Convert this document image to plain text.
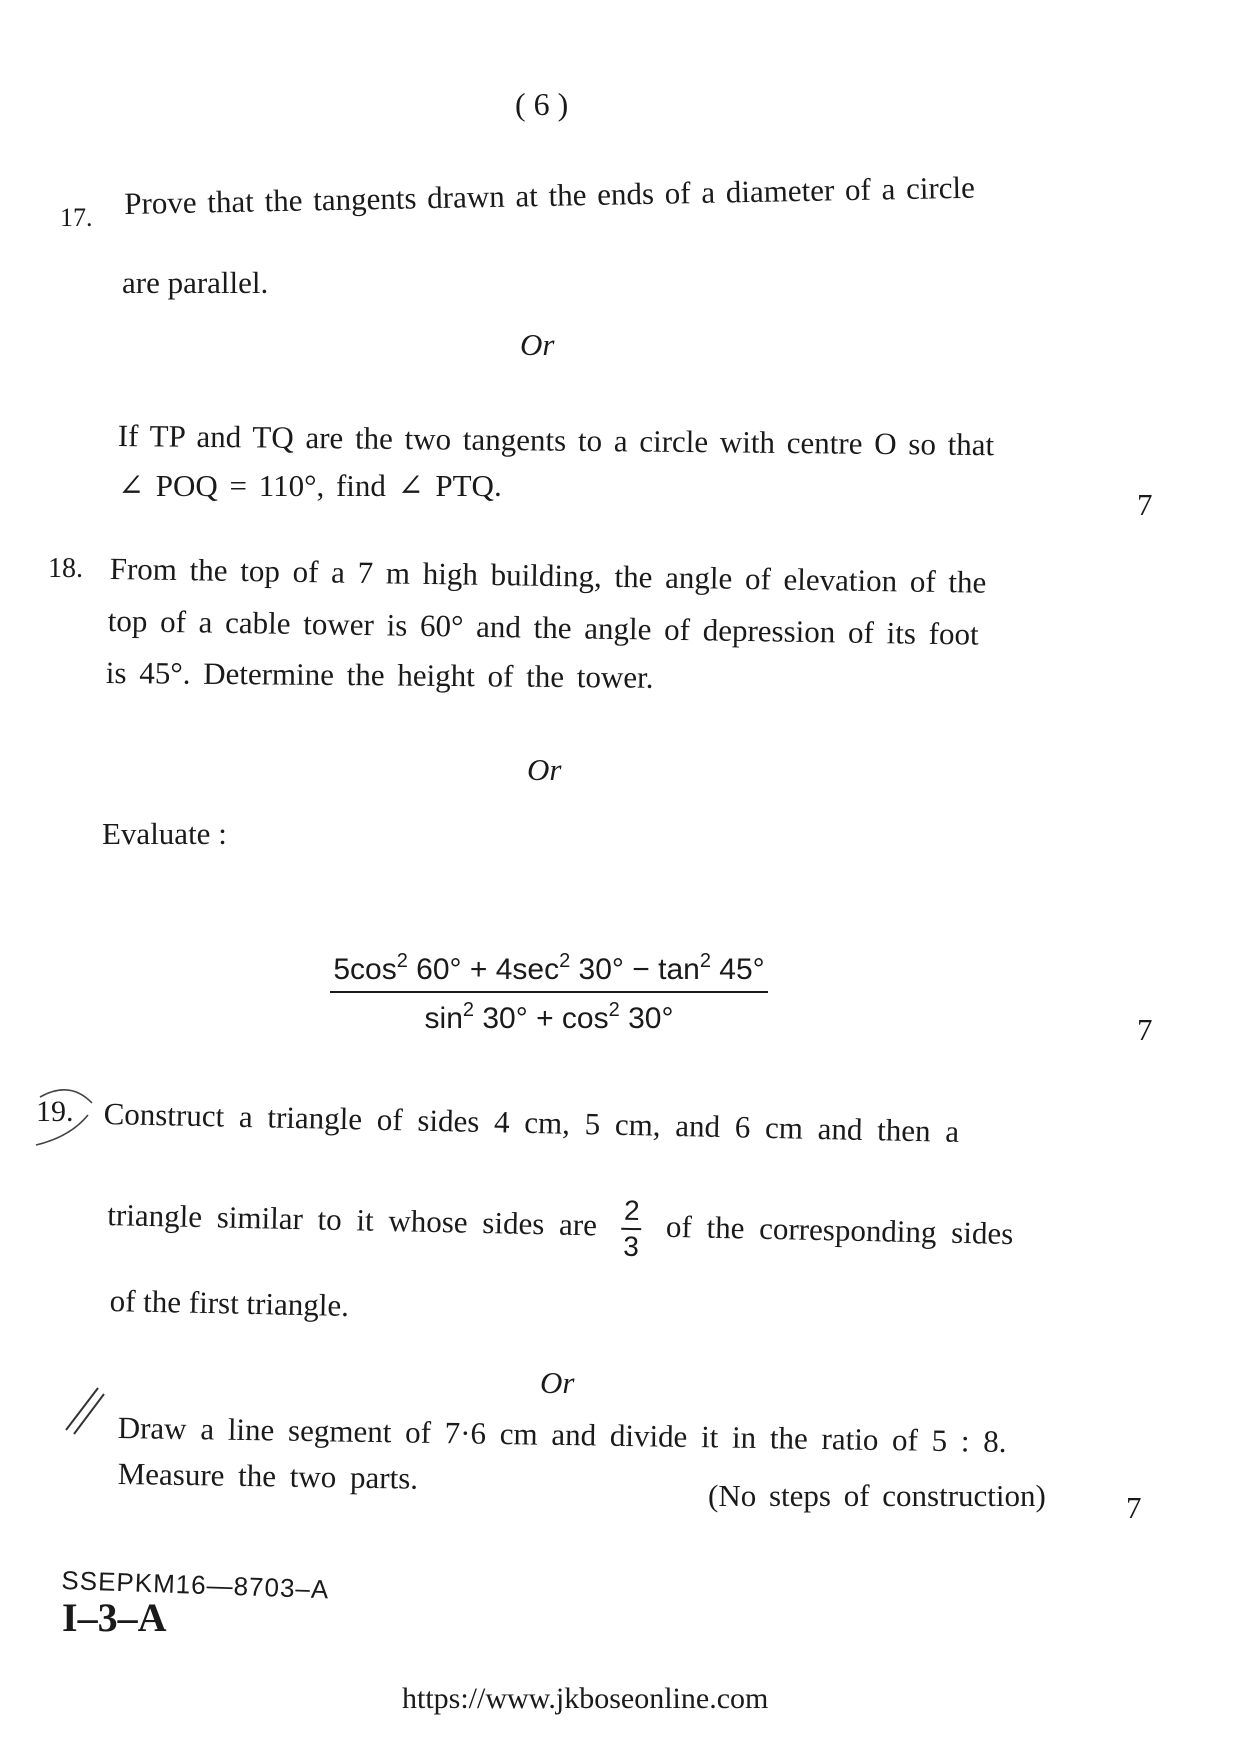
( 6 )
17. Prove that the tangents drawn at the ends of a diameter of a circle
are parallel.
Or
If TP and TQ are the two tangents to a circle with centre O so that
∠ POQ = 110°, find ∠ PTQ.
7
18. From the top of a 7 m high building, the angle of elevation of the
top of a cable tower is 60° and the angle of depression of its foot
is 45°. Determine the height of the tower.
Or
Evaluate :
$5\cos^2$ $60^\circ + 4\sec^2$ $30^\circ - \tan^2 45^\circ$
$\sin^2 30^\circ + \cos^2 30^\circ$	7
19. Construct a triangle of sides 4 cm, 5 cm, and 6 cm and then a
triangle similar to it whose sides are $\frac{2}{3}$ of the corresponding sides
of the first triangle.
Or
Draw a line segment of 7·6 cm and divide it in the ratio of 5 : 8.
Measure the two parts.	(No steps of construction)	7
SSEPKM16—8703–A
I–3–A
https://www.jkboseonline.com
